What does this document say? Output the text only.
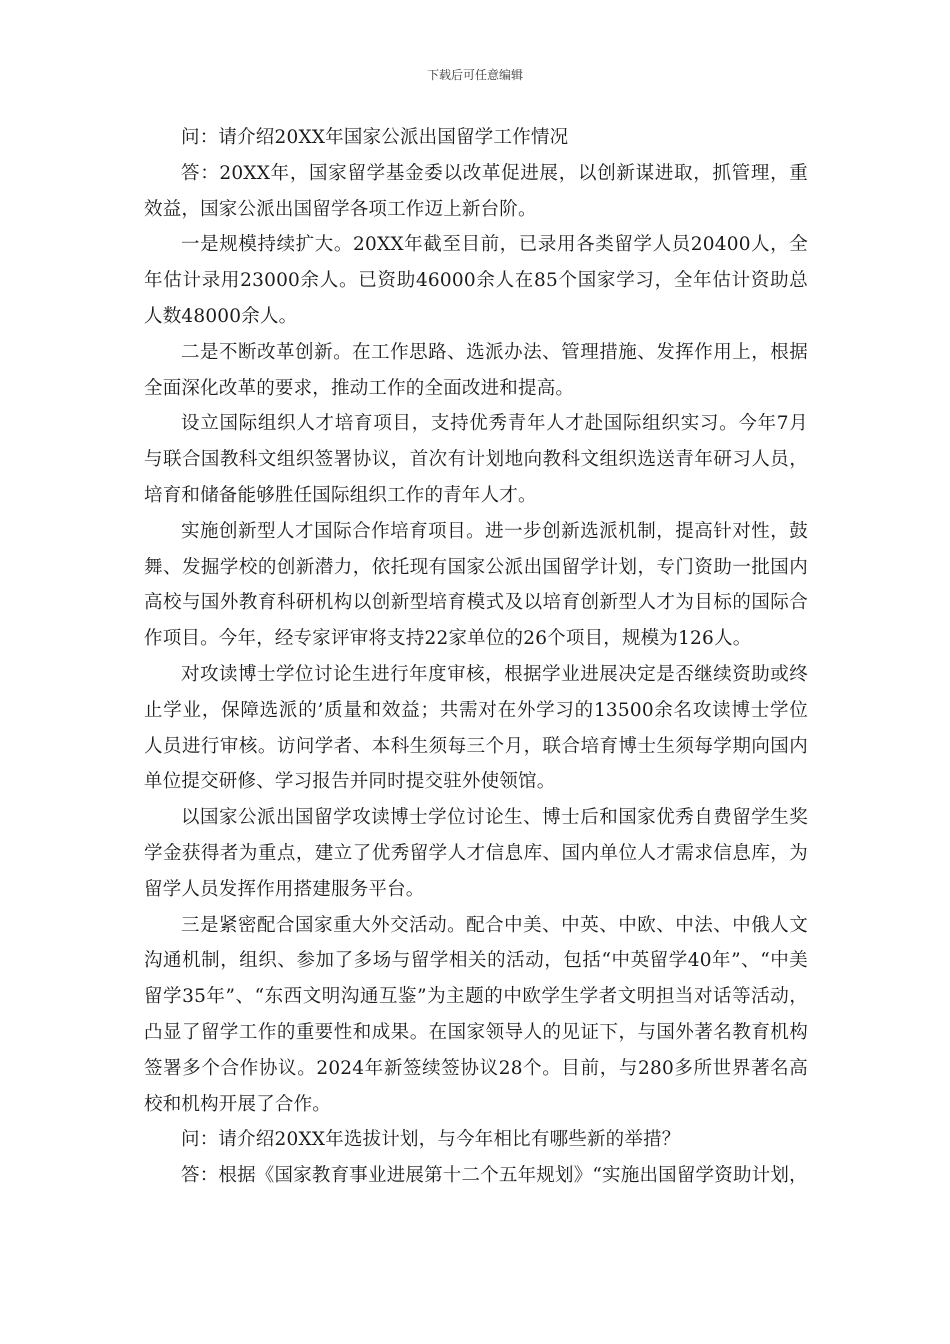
下载后可任意编辑

问：请介绍20XX年国家公派出国留学工作情况

答：20XX年，国家留学基金委以改革促进展，以创新谋进取，抓管理，重效益，国家公派出国留学各项工作迈上新台阶。

一是规模持续扩大。20XX年截至目前，已录用各类留学人员20400人，全年估计录用23000余人。已资助46000余人在85个国家学习，全年估计资助总人数48000余人。

二是不断改革创新。在工作思路、选派办法、管理措施、发挥作用上，根据全面深化改革的要求，推动工作的全面改进和提高。

设立国际组织人才培育项目，支持优秀青年人才赴国际组织实习。今年7月与联合国教科文组织签署协议，首次有计划地向教科文组织选送青年研习人员，培育和储备能够胜任国际组织工作的青年人才。

实施创新型人才国际合作培育项目。进一步创新选派机制，提高针对性，鼓舞、发掘学校的创新潜力，依托现有国家公派出国留学计划，专门资助一批国内高校与国外教育科研机构以创新型培育模式及以培育创新型人才为目标的国际合作项目。今年，经专家评审将支持22家单位的26个项目，规模为126人。

对攻读博士学位讨论生进行年度审核，根据学业进展决定是否继续资助或终止学业，保障选派的’质量和效益；共需对在外学习的13500余名攻读博士学位人员进行审核。访问学者、本科生须每三个月，联合培育博士生须每学期向国内单位提交研修、学习报告并同时提交驻外使领馆。

以国家公派出国留学攻读博士学位讨论生、博士后和国家优秀自费留学生奖学金获得者为重点，建立了优秀留学人才信息库、国内单位人才需求信息库，为留学人员发挥作用搭建服务平台。

三是紧密配合国家重大外交活动。配合中美、中英、中欧、中法、中俄人文沟通机制，组织、参加了多场与留学相关的活动，包括“中英留学40年”、“中美留学35年”、“东西文明沟通互鉴”为主题的中欧学生学者文明担当对话等活动，凸显了留学工作的重要性和成果。在国家领导人的见证下，与国外著名教育机构签署多个合作协议。2024年新签续签协议28个。目前，与280多所世界著名高校和机构开展了合作。

问：请介绍20XX年选拔计划，与今年相比有哪些新的举措？

答：根据《国家教育事业进展第十二个五年规划》“实施出国留学资助计划，
